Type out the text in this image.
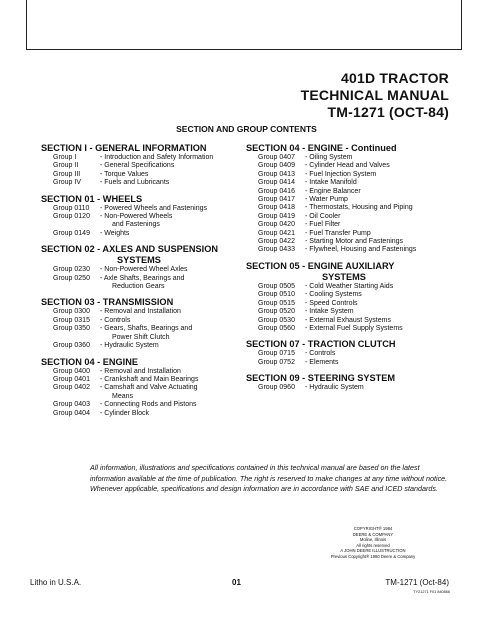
401D TRACTOR
TECHNICAL MANUAL
TM-1271 (OCT-84)
SECTION AND GROUP CONTENTS
SECTION I - GENERAL INFORMATION
Group I	- Introduction and Safety Information
Group II	- General Specifications
Group III	- Torque Values
Group IV	- Fuels and Lubricants
SECTION 01 - WHEELS
Group 0110 - Powered Wheels and Fastenings
Group 0120 - Non-Powered Wheels
and Fastenings
Group 0149 - Weights
SECTION 02 - AXLES AND SUSPENSION
SYSTEMS
Group 0230 - Non-Powered Wheel Axles
Group 0250 - Axle Shafts, Bearings and
Reduction Gears
SECTION 03 - TRANSMISSION
Group 0300 - Removal and Installation
Group 0315 - Controls
Group 0350 - Gears, Shafts, Bearings and
Power Shift Clutch
Group 0360 - Hydraulic System
SECTION 04 - ENGINE
Group 0400 - Removal and Installation
Group 0401 - Crankshaft and Main Bearings
Group 0402 - Camshaft and Valve Actuating
Means
Group 0403 - Connecting Rods and Pistons
Group 0404 - Cylinder Block
SECTION 04 - ENGINE - Continued
Group 0407 - Oiling System
Group 0409 - Cylinder Head and Valves
Group 0413 - Fuel Injection System
Group 0414 - Intake Manifold
Group 0416 - Engine Balancer
Group 0417 - Water Pump
Group 0418 - Thermostats, Housing and Piping
Group 0419 - Oil Cooler
Group 0420 - Fuel Filter
Group 0421 - Fuel Transfer Pump
Group 0422 - Starting Motor and Fastenings
Group 0433 - Flywheel, Housing and Fastenings
SECTION 05 - ENGINE AUXILIARY
SYSTEMS
Group 0505 - Cold Weather Starting Aids
Group 0510 - Cooling Systems
Group 0515 - Speed Controls
Group 0520 - Intake System
Group 0530 - External Exhaust Systems
Group 0560 - External Fuel Supply Systems
SECTION 07 - TRACTION CLUTCH
Group 0715 - Controls
Group 0752 - Elements
SECTION 09 - STEERING SYSTEM
Group 0960 - Hydraulic System
All information, illustrations and specifications contained in this technical manual are based on the latest information available at the time of publication. The right is reserved to make changes at any time without notice. Whenever applicable, specifications and design information are in accordance with SAE and ICED standards.
COPYRIGHT® 1984
DEERE & COMPANY
Moline, Illinois
All rights reserved
A JOHN DEERE ILLUSTRUCTION
Previous Copyright® 1980 Deere & Company
Litho in U.S.A.	01	TM-1271 (Oct-84)
TY21271 F01 840866
